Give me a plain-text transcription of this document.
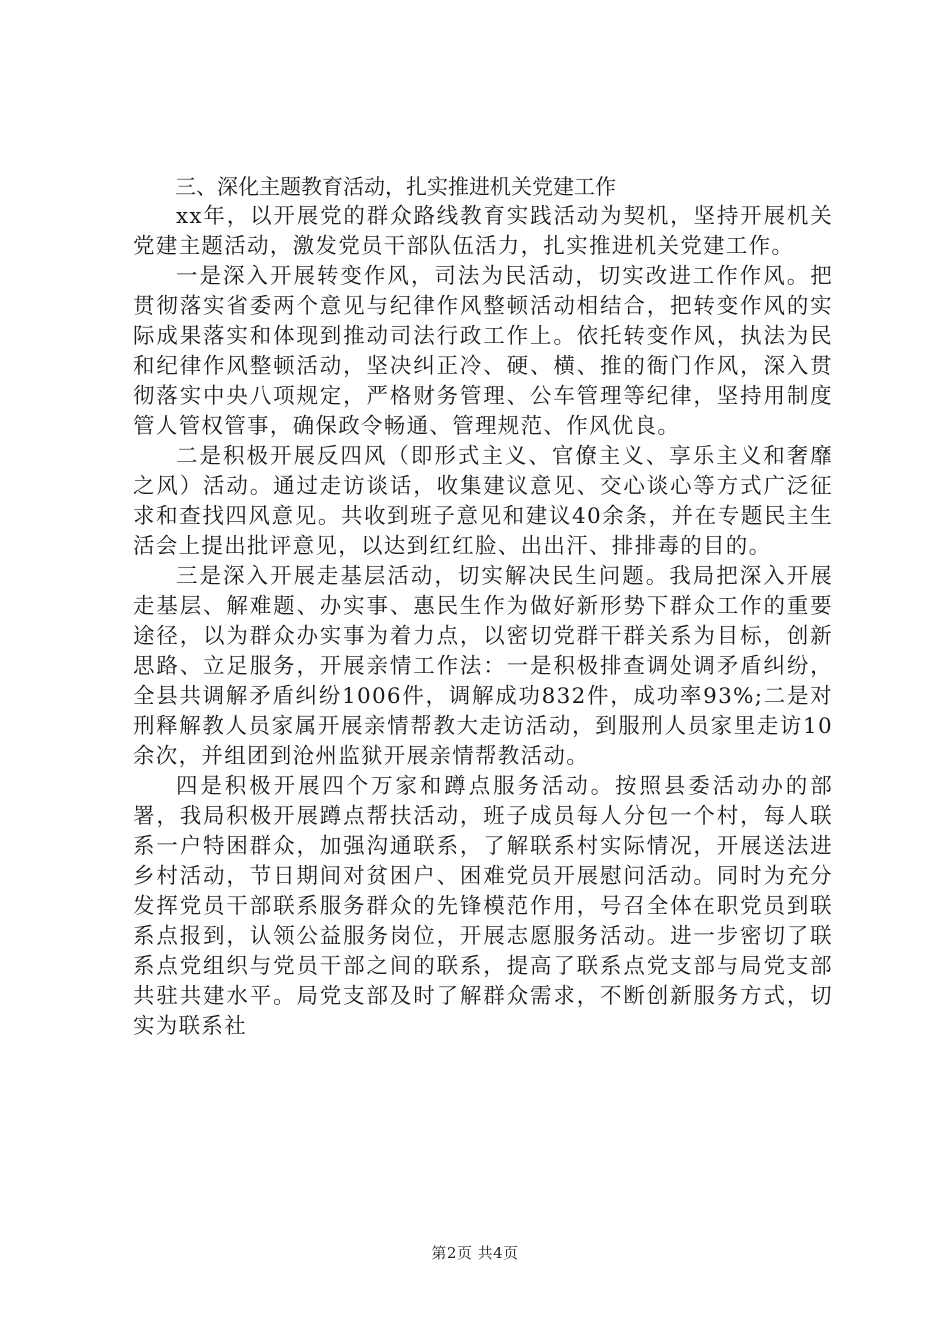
三、深化主题教育活动，扎实推进机关党建工作

xx年，以开展党的群众路线教育实践活动为契机，坚持开展机关党建主题活动，激发党员干部队伍活力，扎实推进机关党建工作。

一是深入开展转变作风，司法为民活动，切实改进工作作风。把贯彻落实省委两个意见与纪律作风整顿活动相结合，把转变作风的实际成果落实和体现到推动司法行政工作上。依托转变作风，执法为民和纪律作风整顿活动，坚决纠正冷、硬、横、推的衙门作风，深入贯彻落实中央八项规定，严格财务管理、公车管理等纪律，坚持用制度管人管权管事，确保政令畅通、管理规范、作风优良。

二是积极开展反四风（即形式主义、官僚主义、享乐主义和奢靡之风）活动。通过走访谈话，收集建议意见、交心谈心等方式广泛征求和查找四风意见。共收到班子意见和建议40余条，并在专题民主生活会上提出批评意见，以达到红红脸、出出汗、排排毒的目的。

三是深入开展走基层活动，切实解决民生问题。我局把深入开展走基层、解难题、办实事、惠民生作为做好新形势下群众工作的重要途径，以为群众办实事为着力点，以密切党群干群关系为目标，创新思路、立足服务，开展亲情工作法：一是积极排查调处调矛盾纠纷，全县共调解矛盾纠纷1006件，调解成功832件，成功率93%;二是对刑释解教人员家属开展亲情帮教大走访活动，到服刑人员家里走访10余次，并组团到沧州监狱开展亲情帮教活动。

四是积极开展四个万家和蹲点服务活动。按照县委活动办的部署，我局积极开展蹲点帮扶活动，班子成员每人分包一个村，每人联系一户特困群众，加强沟通联系，了解联系村实际情况，开展送法进乡村活动，节日期间对贫困户、困难党员开展慰问活动。同时为充分发挥党员干部联系服务群众的先锋模范作用，号召全体在职党员到联系点报到，认领公益服务岗位，开展志愿服务活动。进一步密切了联系点党组织与党员干部之间的联系，提高了联系点党支部与局党支部共驻共建水平。局党支部及时了解群众需求，不断创新服务方式，切实为联系社

第2页 共4页
